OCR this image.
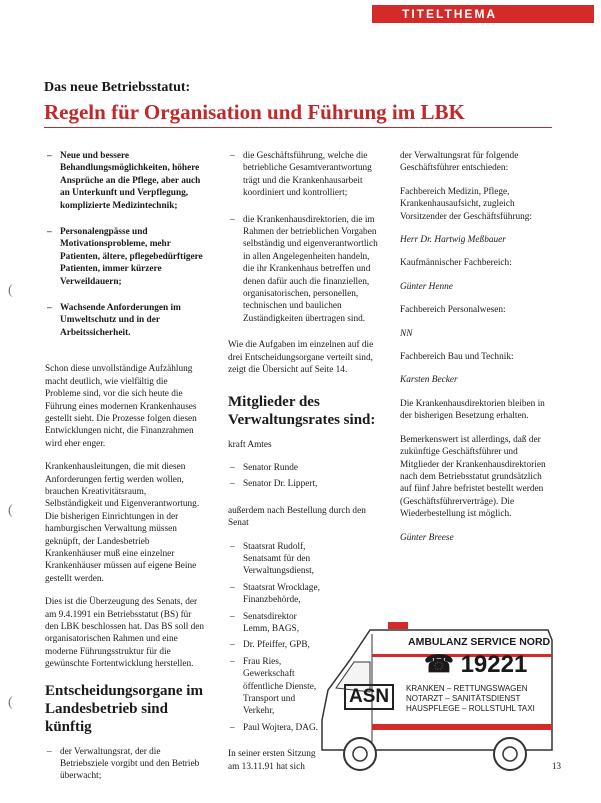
TITELTHEMA
Das neue Betriebsstatut:
Regeln für Organisation und Führung im LBK
(
(
(
– Neue und bessere Behandlungsmöglichkeiten, höhere Ansprüche an die Pflege, aber auch an Unterkunft und Verpflegung, komplizierte Medizintechnik;
– Personalengpässe und Motivationsprobleme, mehr Patienten, ältere, pflegebedürftigere Patienten, immer kürzere Verweildauern;
– Wachsende Anforderungen im Umweltschutz und in der Arbeitssicherheit.

Schon diese unvollständige Aufzählung macht deutlich, wie vielfältig die Probleme sind, vor die sich heute die Führung eines modernen Krankenhauses gestellt sieht. Die Prozesse folgen diesen Entwicklungen nicht, die Finanzrahmen wird eher enger.

Krankenhausleitungen, die mit diesen Anforderungen fertig werden wollen, brauchen Kreativitätsraum, Selbständigkeit und Eigenverantwortung. Die bisherigen Einrichtungen in der hamburgischen Verwaltung müssen geknüpft, der Landesbetrieb Krankenhäuser muß eine einzelner Krankenhäuser müssen auf eigene Beine gestellt werden.

Dies ist die Überzeugung des Senats, der am 9.4.1991 ein Betriebsstatut (BS) für den LBK beschlossen hat. Das BS soll den organisatorischen Rahmen und eine moderne Führungsstruktur für die gewünschte Fortentwicklung herstellen.

Entscheidungsorgane im Landesbetrieb sind künftig
– der Verwaltungsrat, der die Betriebsziele vorgibt und den Betrieb überwacht;
– die Geschäftsführung, welche die betriebliche Gesamtverantwortung trägt und die Krankenhausarbeit koordiniert und kontrolliert;
– die Krankenhausdirektorien, die im Rahmen der betrieblichen Vorgaben selbständig und eigenverantwortlich in allen Angelegenheiten handeln, die ihr Krankenhaus betreffen und denen dafür auch die finanziellen, organisatorischen, personellen, technischen und baulichen Zuständigkeiten übertragen sind.

Wie die Aufgaben im einzelnen auf die drei Entscheidungsorgane verteilt sind, zeigt die Übersicht auf Seite 14.

Mitglieder des Verwaltungsrates sind:

kraft Amtes

– Senator Runde
– Senator Dr. Lippert,

außerdem nach Bestellung durch den Senat

– Staatsrat Rudolf, Senatsamt für den Verwaltungsdienst,
– Staatsrat Wrocklage, Finanzbehörde,
– Senatsdirektor Lemm, BAGS,
– Dr. Pfeiffer, GPB,
– Frau Ries, Gewerkschaft öffentliche Dienste, Transport und Verkehr,
– Paul Wojtera, DAG.

In seiner ersten Sitzung am 13.11.91 hat sich

der Verwaltungsrat für folgende Geschäftsführer entschieden:

Fachbereich Medizin, Pflege, Krankenhausaufsicht, zugleich Vorsitzender der Geschäftsführung:

Herr Dr. Hartwig Meßbauer

Kaufmännischer Fachbereich:

Günter Henne

Fachbereich Personalwesen:

NN

Fachbereich Bau und Technik:

Karsten Becker

Die Krankenhausdirektorien bleiben in der bisherigen Besetzung erhalten.

Bemerkenswert ist allerdings, daß der zukünftige Geschäftsführer und Mitglieder der Krankenhausdirektorien nach dem Betriebsstatut grundsätzlich auf fünf Jahre befristet bestellt werden (Geschäftsführerverträge). Die Wiederbestellung ist möglich.

Günter Breese

AMBULANZ SERVICE NORD
☎ 19221
ASN	KRANKEN – RETTUNGSWAGEN
NOTARZT – SANITÄTSDIENST
HAUSPFLEGE – ROLLSTUHL TAXI
13
